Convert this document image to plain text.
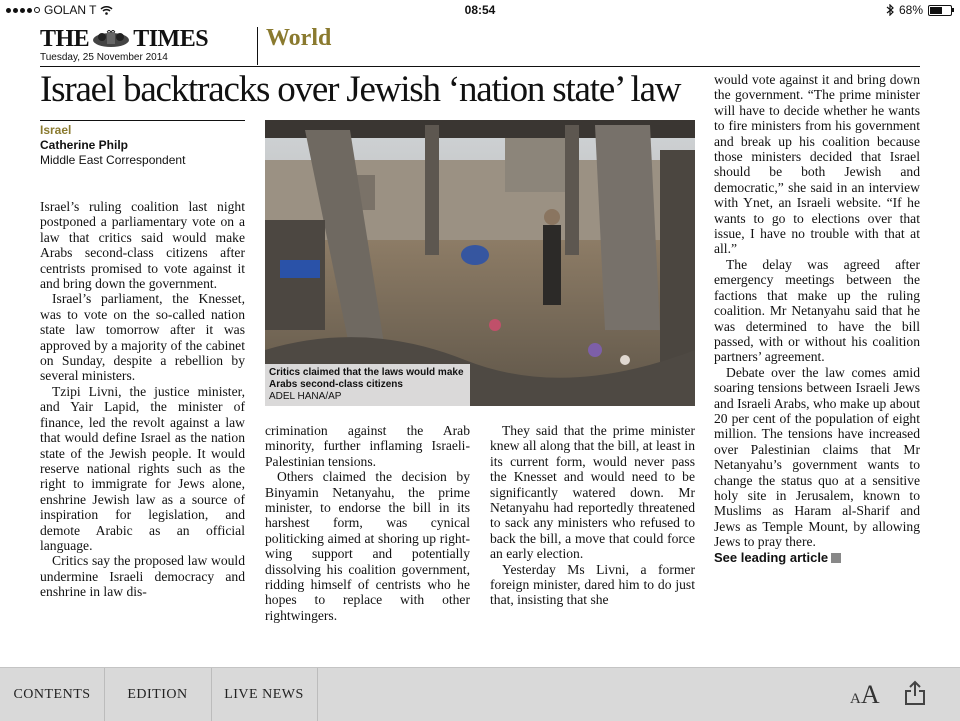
GOLAN T	08:54	68%
THE TIMES
Tuesday, 25 November 2014
World
Israel backtracks over Jewish ‘nation state’ law
Israel
Catherine Philp
Middle East Correspondent

Israel’s ruling coalition last night postponed a parliamentary vote on a law that critics said would make Arabs second-class citizens after centrists promised to vote against it and bring down the government.

Israel’s parliament, the Knesset, was to vote on the so-called nation state law tomorrow after it was approved by a majority of the cabinet on Sunday, despite a rebellion by several ministers.

Tzipi Livni, the justice minister, and Yair Lapid, the minister of finance, led the revolt against a law that would define Israel as the nation state of the Jewish people. It would reserve national rights such as the right to immigrate for Jews alone, enshrine Jewish law as a source of inspiration for legislation, and demote Arabic as an official language.

Critics say the proposed law would undermine Israeli democracy and enshrine in law dis-

Critics claimed that the laws would make Arabs second-class citizens
ADEL HANA/AP

crimination against the Arab minority, further inflaming Israeli-Palestinian tensions.

Others claimed the decision by Binyamin Netanyahu, the prime minister, to endorse the bill in its harshest form, was cynical politicking aimed at shoring up right-wing support and potentially dissolving his coalition government, ridding himself of centrists who he hopes to replace with other rightwingers.

They said that the prime minister knew all along that the bill, at least in its current form, would never pass the Knesset and would need to be significantly watered down. Mr Netanyahu had reportedly threatened to sack any ministers who refused to back the bill, a move that could force an early election.

Yesterday Ms Livni, a former foreign minister, dared him to do just that, insisting that she

would vote against it and bring down the government. “The prime minister will have to decide whether he wants to fire ministers from his government and break up his coalition because those ministers decided that Israel should be both Jewish and democratic,” she said in an interview with Ynet, an Israeli website. “If he wants to go to elections over that issue, I have no trouble with that at all.”

The delay was agreed after emergency meetings between the factions that make up the ruling coalition. Mr Netanyahu said that he was determined to have the bill passed, with or without his coalition partners’ agreement.

Debate over the law comes amid soaring tensions between Israeli Jews and Israeli Arabs, who make up about 20 per cent of the population of eight million. The tensions have increased over Palestinian claims that Mr Netanyahu’s government wants to change the status quo at a sensitive holy site in Jerusalem, known to Muslims as Haram al-Sharif and Jews as Temple Mount, by allowing Jews to pray there.

See leading article

CONTENTS	EDITION	LIVE NEWS	AA
